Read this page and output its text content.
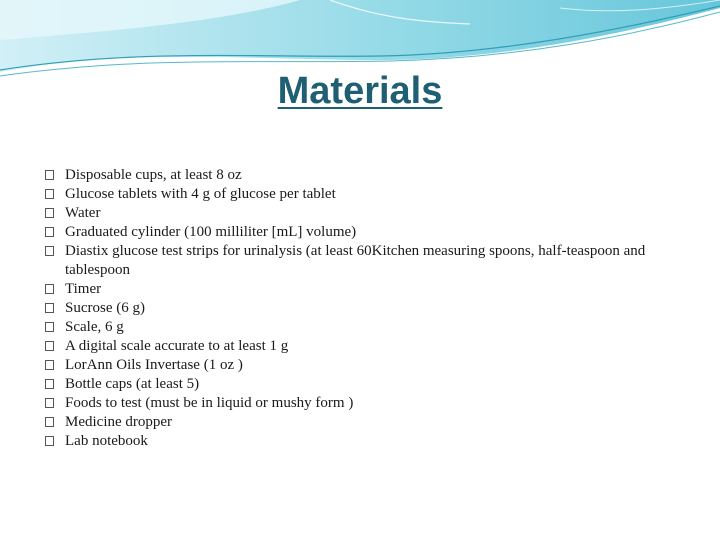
Materials
Disposable cups, at least 8 oz
Glucose tablets with 4 g of glucose per tablet
Water
Graduated cylinder (100 milliliter [mL] volume)
Diastix glucose test strips for urinalysis (at least 60Kitchen measuring spoons, half-teaspoon and tablespoon
Timer
Sucrose (6 g)
Scale, 6 g
A digital scale accurate to at least 1 g
LorAnn Oils Invertase (1 oz )
Bottle caps (at least 5)
Foods to test (must be in liquid or mushy form )
Medicine dropper
Lab notebook
